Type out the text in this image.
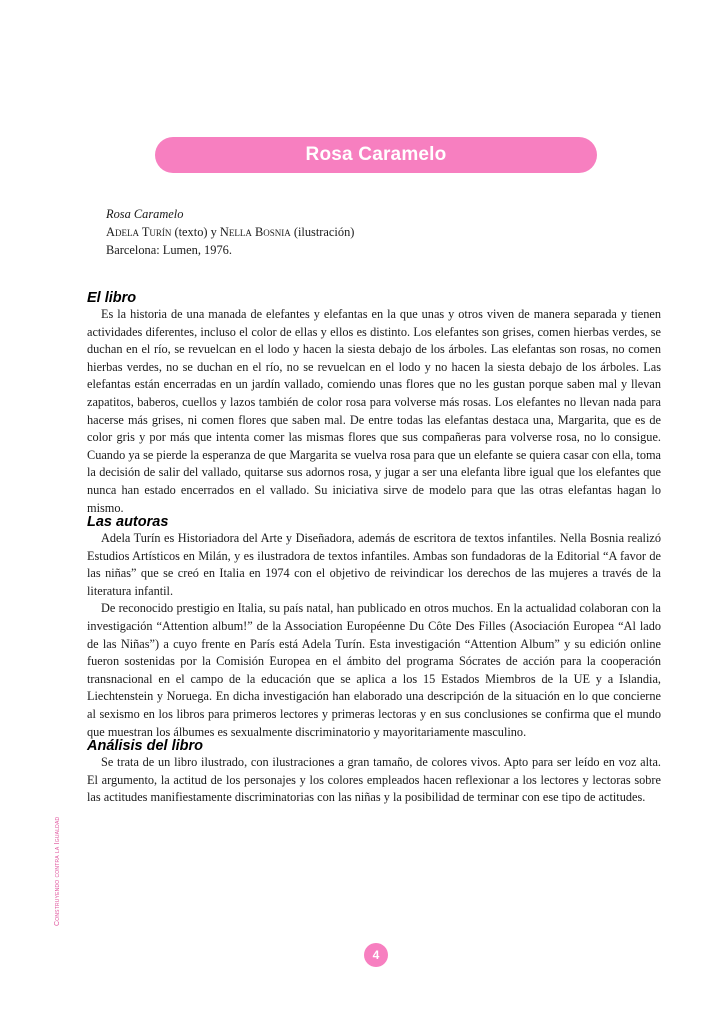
Rosa Caramelo
Rosa Caramelo
Adela Turín (texto) y Nella Bosnia (ilustración)
Barcelona: Lumen, 1976.
El libro

Es la historia de una manada de elefantes y elefantas en la que unas y otros viven de manera separada y tienen actividades diferentes, incluso el color de ellas y ellos es distinto. Los elefantes son grises, comen hierbas verdes, se duchan en el río, se revuelcan en el lodo y hacen la siesta debajo de los árboles. Las elefantas son rosas, no comen hierbas verdes, no se duchan en el río, no se revuelcan en el lodo y no hacen la siesta debajo de los árboles. Las elefantas están encerradas en un jardín vallado, comiendo unas flores que no les gustan porque saben mal y llevan zapatitos, baberos, cuellos y lazos también de color rosa para volverse más rosas. Los elefantes no llevan nada para hacerse más grises, ni comen flores que saben mal. De entre todas las elefantas destaca una, Margarita, que es de color gris y por más que intenta comer las mismas flores que sus compañeras para volverse rosa, no lo consigue. Cuando ya se pierde la esperanza de que Margarita se vuelva rosa para que un elefante se quiera casar con ella, toma la decisión de salir del vallado, quitarse sus adornos rosa, y jugar a ser una elefanta libre igual que los elefantes que nunca han estado encerrados en el vallado. Su iniciativa sirve de modelo para que las otras elefantas hagan lo mismo.

Las autoras

Adela Turín es Historiadora del Arte y Diseñadora, además de escritora de textos infantiles. Nella Bosnia realizó Estudios Artísticos en Milán, y es ilustradora de textos infantiles. Ambas son fundadoras de la Editorial “A favor de las niñas” que se creó en Italia en 1974 con el objetivo de reivindicar los derechos de las mujeres a través de la literatura infantil.

De reconocido prestigio en Italia, su país natal, han publicado en otros muchos. En la actualidad colaboran con la investigación “Attention album!” de la Association Européenne Du Côte Des Filles (Asociación Europea “Al lado de las Niñas”) a cuyo frente en París está Adela Turín. Esta investigación “Attention Album” y su edición online fueron sostenidas por la Comisión Europea en el ámbito del programa Sócrates de acción para la cooperación transnacional en el campo de la educación que se aplica a los 15 Estados Miembros de la UE y a Islandia, Liechtenstein y Noruega. En dicha investigación han elaborado una descripción de la situación en lo que concierne al sexismo en los libros para primeros lectores y primeras lectoras y en sus conclusiones se confirma que el mundo que muestran los álbumes es sexualmente discriminatorio y mayoritariamente masculino.

Análisis del libro

Se trata de un libro ilustrado, con ilustraciones a gran tamaño, de colores vivos. Apto para ser leído en voz alta. El argumento, la actitud de los personajes y los colores empleados hacen reflexionar a los lectores y lectoras sobre las actitudes manifiestamente discriminatorias con las niñas y la posibilidad de terminar con ese tipo de actitudes.

Construyendo contra la Igualdad
4
